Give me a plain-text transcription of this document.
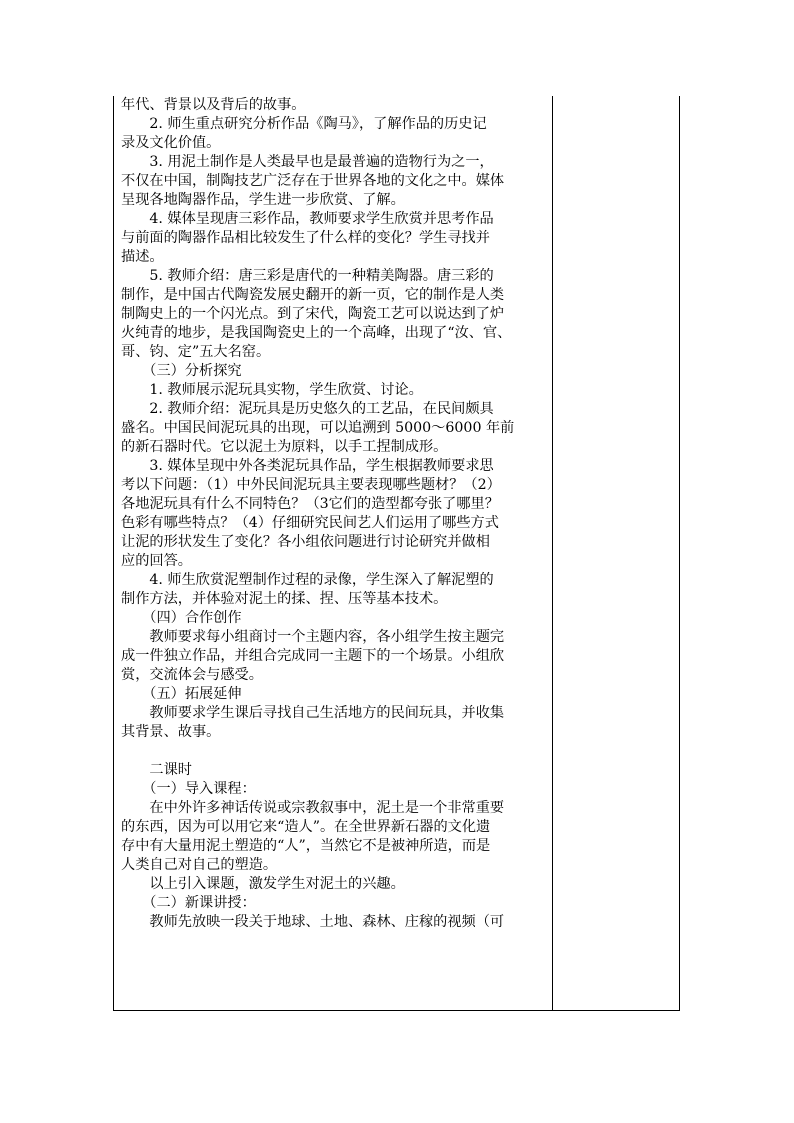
年代、背景以及背后的故事。
　　2. 师生重点研究分析作品《陶马》，了解作品的历史记
录及文化价值。
　　3. 用泥土制作是人类最早也是最普遍的造物行为之一，
不仅在中国，制陶技艺广泛存在于世界各地的文化之中。媒体
呈现各地陶器作品，学生进一步欣赏、了解。
　　4. 媒体呈现唐三彩作品，教师要求学生欣赏并思考作品
与前面的陶器作品相比较发生了什么样的变化？学生寻找并
描述。
　　5. 教师介绍：唐三彩是唐代的一种精美陶器。唐三彩的
制作，是中国古代陶瓷发展史翻开的新一页，它的制作是人类
制陶史上的一个闪光点。到了宋代，陶瓷工艺可以说达到了炉
火纯青的地步，是我国陶瓷史上的一个高峰，出现了“汝、官、
哥、钧、定”五大名窑。
　　（三）分析探究
　　1. 教师展示泥玩具实物，学生欣赏、讨论。
　　2. 教师介绍：泥玩具是历史悠久的工艺品，在民间颇具
盛名。中国民间泥玩具的出现，可以追溯到 5000～6000 年前
的新石器时代。它以泥土为原料，以手工捏制成形。
　　3. 媒体呈现中外各类泥玩具作品，学生根据教师要求思
考以下问题：（1）中外民间泥玩具主要表现哪些题材？（2）
各地泥玩具有什么不同特色？（3它们的造型都夸张了哪里？
色彩有哪些特点？（4）仔细研究民间艺人们运用了哪些方式
让泥的形状发生了变化？各小组依问题进行讨论研究并做相
应的回答。
　　4. 师生欣赏泥塑制作过程的录像，学生深入了解泥塑的
制作方法，并体验对泥土的揉、捏、压等基本技术。
　　（四）合作创作
　　教师要求每小组商讨一个主题内容，各小组学生按主题完
成一件独立作品，并组合完成同一主题下的一个场景。小组欣
赏，交流体会与感受。
　　（五）拓展延伸
　　教师要求学生课后寻找自己生活地方的民间玩具，并收集
其背景、故事。
　　二课时
　　（一）导入课程：
　　在中外许多神话传说或宗教叙事中，泥土是一个非常重要
的东西，因为可以用它来“造人”。在全世界新石器的文化遗
存中有大量用泥土塑造的“人”，当然它不是被神所造，而是
人类自己对自己的塑造。
　　以上引入课题，激发学生对泥土的兴趣。
　　（二）新课讲授：
　　教师先放映一段关于地球、土地、森林、庄稼的视频（可
